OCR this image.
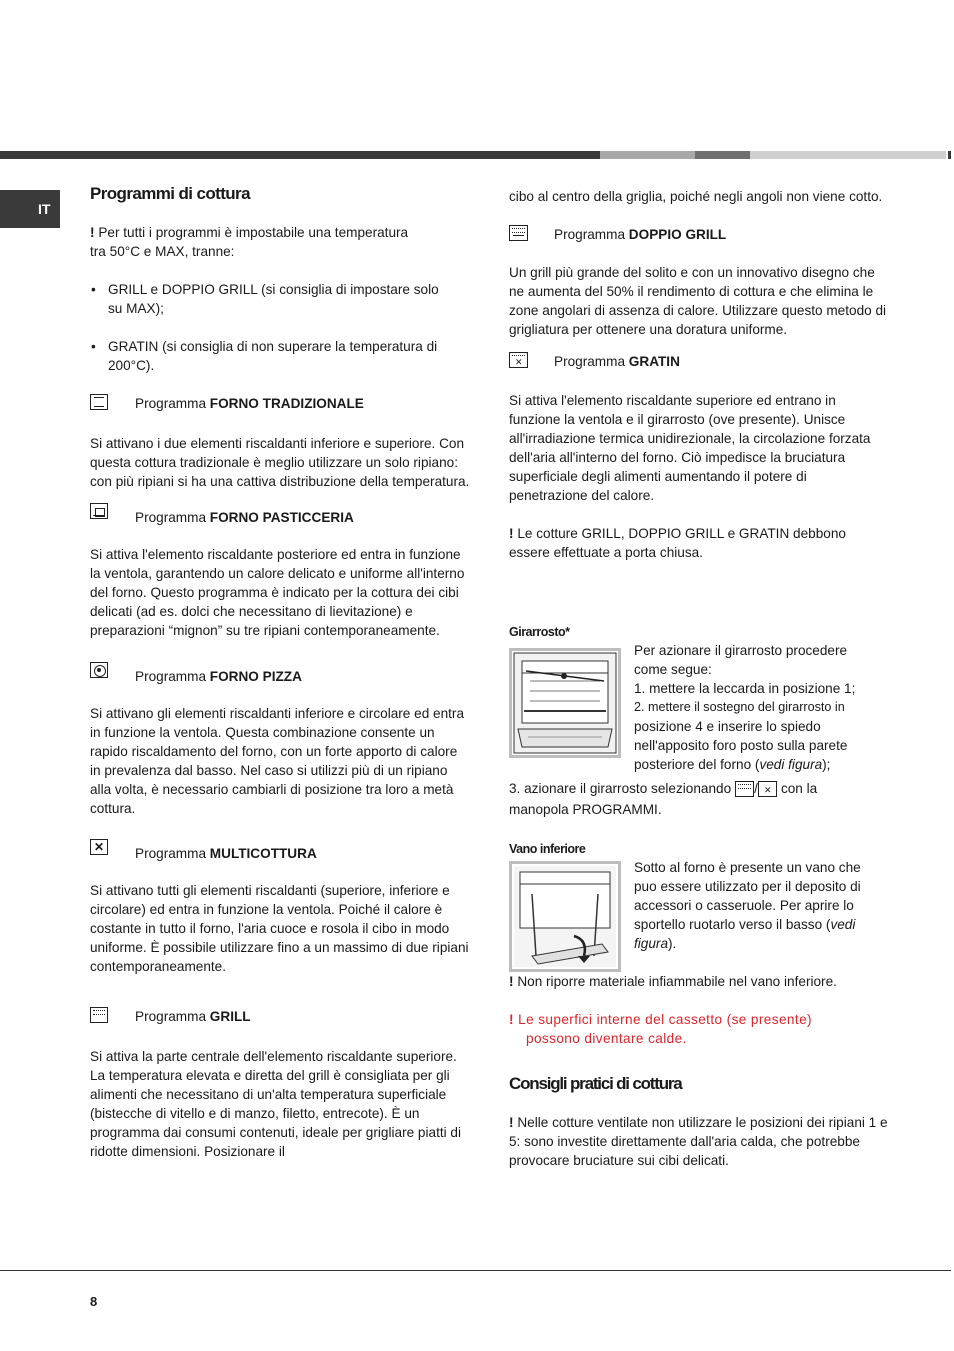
IT
Programmi di cottura

! Per tutti i programmi è impostabile una temperatura tra 50°C e MAX, tranne:

• GRILL e DOPPIO GRILL (si consiglia di impostare solo su MAX);
• GRATIN (si consiglia di non superare la temperatura di 200°C).
Programma FORNO TRADIZIONALE

Si attivano i due elementi riscaldanti inferiore e superiore. Con questa cottura tradizionale è meglio utilizzare un solo ripiano: con più ripiani si ha una cattiva distribuzione della temperatura.

Programma FORNO PASTICCERIA

Si attiva l'elemento riscaldante posteriore ed entra in funzione la ventola, garantendo un calore delicato e uniforme all'interno del forno. Questo programma è indicato per la cottura dei cibi delicati (ad es. dolci che necessitano di lievitazione) e preparazioni “mignon” su tre ripiani contemporaneamente.

Programma FORNO PIZZA

Si attivano gli elementi riscaldanti inferiore e circolare ed entra in funzione la ventola. Questa combinazione consente un rapido riscaldamento del forno, con un forte apporto di calore in prevalenza dal basso. Nel caso si utilizzi più di un ripiano alla volta, è necessario cambiarli di posizione tra loro a metà cottura.

✕ Programma MULTICOTTURA

Si attivano tutti gli elementi riscaldanti (superiore, inferiore e circolare) ed entra in funzione la ventola. Poiché il calore è costante in tutto il forno, l'aria cuoce e rosola il cibo in modo uniforme. È possibile utilizzare fino a un massimo di due ripiani contemporaneamente.

Programma GRILL

Si attiva la parte centrale dell'elemento riscaldante superiore. La temperatura elevata e diretta del grill è consigliata per gli alimenti che necessitano di un'alta temperatura superficiale (bistecche di vitello e di manzo, filetto, entrecote). È un programma dai consumi contenuti, ideale per grigliare piatti di ridotte dimensioni. Posizionare il

cibo al centro della griglia, poiché negli angoli non viene cotto.

Programma DOPPIO GRILL

Un grill più grande del solito e con un innovativo disegno che ne aumenta del 50% il rendimento di cottura e che elimina le zone angolari di assenza di calore. Utilizzare questo metodo di grigliatura per ottenere una doratura uniforme.

✕ Programma GRATIN

Si attiva l'elemento riscaldante superiore ed entrano in funzione la ventola e il girarrosto (ove presente). Unisce all'irradiazione termica unidirezionale, la circolazione forzata dell'aria all'interno del forno. Ciò impedisce la bruciatura superficiale degli alimenti aumentando il potere di penetrazione del calore.

! Le cotture GRILL, DOPPIO GRILL e GRATIN debbono essere effettuate a porta chiusa.

Girarrosto*

Per azionare il girarrosto procedere

come segue:

1. mettere la leccarda in posizione 1;

2. mettere il sostegno del girarrosto in

posizione 4 e inserire lo spiedo

nell'apposito foro posto sulla parete

posteriore del forno (vedi figura);

3. azionare il girarrosto selezionando / ✕ con la

manopola PROGRAMMI.

Vano inferiore

Sotto al forno è presente un vano che

puo essere utilizzato per il deposito di

accessori o casseruole. Per aprire lo

sportello ruotarlo verso il basso (vedi

figura).

! Non riporre materiale infiammabile nel vano inferiore.

! Le superfici interne del cassetto (se presente)

possono diventare calde.

Consigli pratici di cottura

! Nelle cotture ventilate non utilizzare le posizioni dei ripiani 1 e 5: sono investite direttamente dall'aria calda, che potrebbe provocare bruciature sui cibi delicati.

8
